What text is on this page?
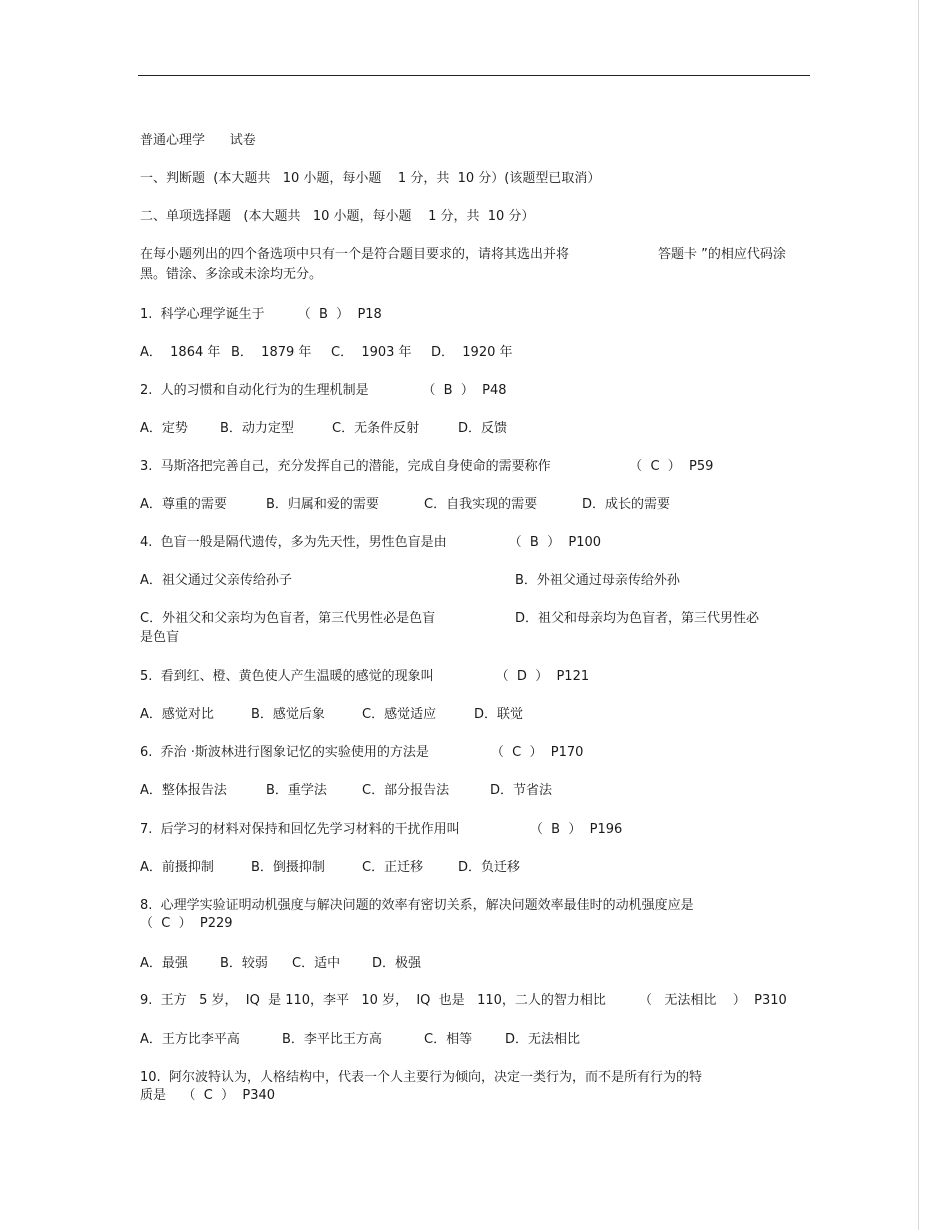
普通心理学      试卷
一、判断题  (本大题共   10 小题，每小题    1 分，共  10 分）(该题型已取消）
二、单项选择题   (本大题共   10 小题，每小题    1 分，共  10 分）
在每小题列出的四个备选项中只有一个是符合题目要求的，请将其选出并将	答题卡 ”的相应代码涂
黑。错涂、多涂或未涂均无分。
1.  科学心理学诞生于        （  B  ）  P18
A．  1864 年 B．  1879 年 C．  1903 年 D．  1920 年
2.  人的习惯和自动化行为的生理机制是             （  B  ）  P48
A．定势 B．动力定型	C．无条件反射	D．反馈
3.  马斯洛把完善自己，充分发挥自己的潜能，完成自身使命的需要称作                   （  C  ）  P59
A．尊重的需要	B．归属和爱的需要	C．自我实现的需要	D．成长的需要
4.  色盲一般是隔代遗传，多为先天性，男性色盲是由               （  B  ）  P100
A．祖父通过父亲传给孙子	B．外祖父通过母亲传给外孙
C．外祖父和父亲均为色盲者，第三代男性必是色盲	D．祖父和母亲均为色盲者，第三代男性必
是色盲
5.  看到红、橙、黄色使人产生温暖的感觉的现象叫               （  D  ）  P121
A．感觉对比	B．感觉后象	C．感觉适应	D．联觉
6.  乔治 ·斯波林进行图象记忆的实验使用的方法是               （  C  ）  P170
A．整体报告法	B．重学法	C．部分报告法	D．节省法
7.  后学习的材料对保持和回忆先学习材料的干扰作用叫                 （  B  ）  P196
A．前摄抑制	B．倒摄抑制	C．正迁移	D．负迁移
8.  心理学实验证明动机强度与解决问题的效率有密切关系，解决问题效率最佳时的动机强度应是
（  C  ）  P229
A．最强 B．较弱 C．适中 D．极强
9.  王方   5 岁，  IQ  是 110，李平   10 岁，  IQ  也是   110，二人的智力相比        （   无法相比    ）  P310
A．王方比李平高	B．李平比王方高	C．相等	D．无法相比
10.  阿尔波特认为，人格结构中，代表一个人主要行为倾向，决定一类行为，而不是所有行为的特
质是    （  C  ）  P340
